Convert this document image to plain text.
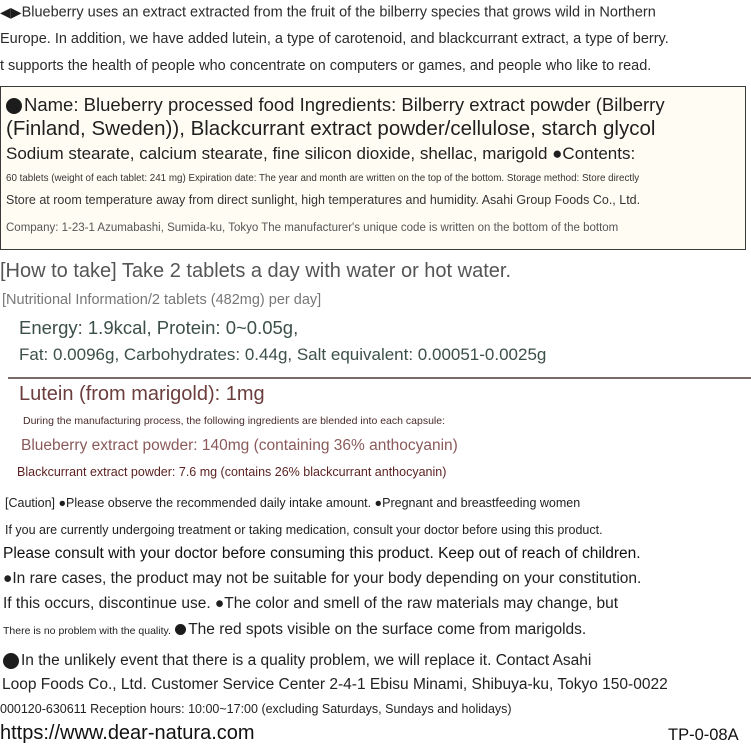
◀▶Blueberry uses an extract extracted from the fruit of the bilberry species that grows wild in Northern
Europe. In addition, we have added lutein, a type of carotenoid, and blackcurrant extract, a type of berry.
t supports the health of people who concentrate on computers or games, and people who like to read.
Name: Blueberry processed food Ingredients: Bilberry extract powder (Bilberry
(Finland, Sweden)), Blackcurrant extract powder/cellulose, starch glycol
Sodium stearate, calcium stearate, fine silicon dioxide, shellac, marigold ●Contents:
60 tablets (weight of each tablet: 241 mg) Expiration date: The year and month are written on the top of the bottom. Storage method: Store directly
Store at room temperature away from direct sunlight, high temperatures and humidity. Asahi Group Foods Co., Ltd.
Company: 1-23-1 Azumabashi, Sumida-ku, Tokyo The manufacturer's unique code is written on the bottom of the bottom
[How to take] Take 2 tablets a day with water or hot water.
[Nutritional Information/2 tablets (482mg) per day]
Energy: 1.9kcal, Protein: 0~0.05g,
Fat: 0.0096g, Carbohydrates: 0.44g, Salt equivalent: 0.00051-0.0025g
Lutein (from marigold): 1mg
During the manufacturing process, the following ingredients are blended into each capsule:
Blueberry extract powder: 140mg (containing 36% anthocyanin)
Blackcurrant extract powder: 7.6 mg (contains 26% blackcurrant anthocyanin)
[Caution] ●Please observe the recommended daily intake amount. ●Pregnant and breastfeeding women
If you are currently undergoing treatment or taking medication, consult your doctor before using this product.
Please consult with your doctor before consuming this product. Keep out of reach of children.
●In rare cases, the product may not be suitable for your body depending on your constitution.
If this occurs, discontinue use. ●The color and smell of the raw materials may change, but
There is no problem with the quality. The red spots visible on the surface come from marigolds.
In the unlikely event that there is a quality problem, we will replace it. Contact Asahi
Loop Foods Co., Ltd. Customer Service Center 2-4-1 Ebisu Minami, Shibuya-ku, Tokyo 150-0022
000120-630611 Reception hours: 10:00~17:00 (excluding Saturdays, Sundays and holidays)
https://www.dear-natura.com	TP-0-08A
